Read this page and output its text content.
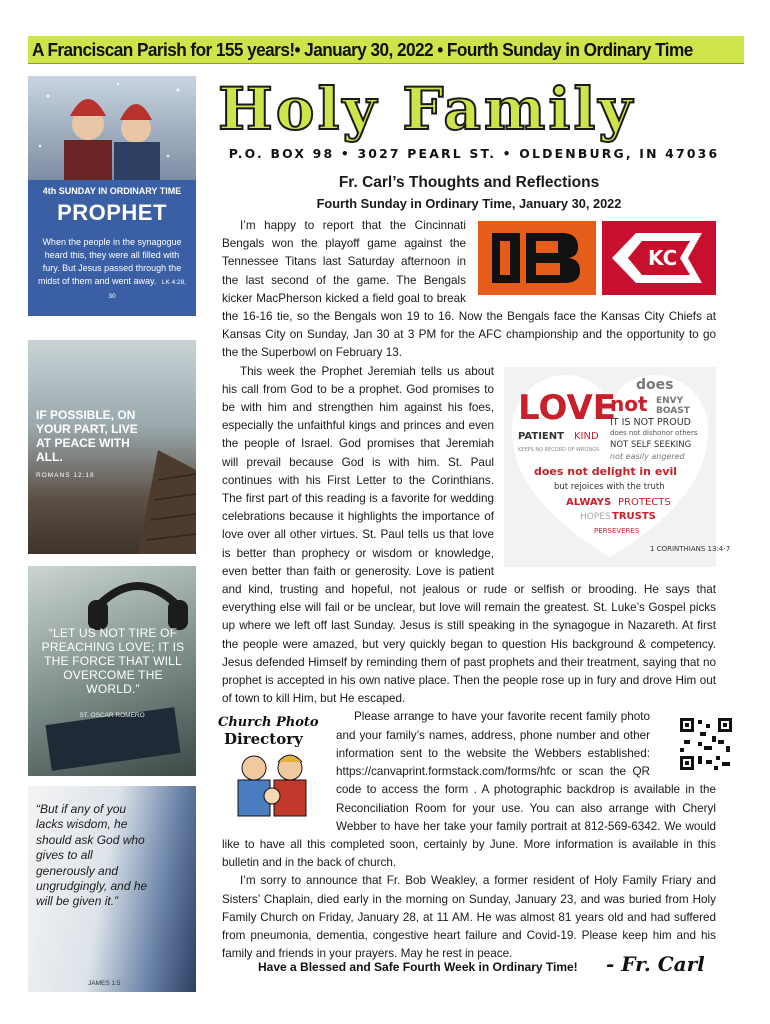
A Franciscan Parish for 155 years!• January 30, 2022 • Fourth Sunday in Ordinary Time
Holy Family
P.O. BOX 98 • 3027 PEARL ST. • OLDENBURG, IN 47036
4th SUNDAY IN ORDINARY TIME
PROPHET
When the people in the synagogue heard this, they were all filled with fury. But Jesus passed through the midst of them and went away. LK 4:28, 30
IF POSSIBLE, ON YOUR PART, LIVE AT PEACE WITH ALL.
ROMANS 12:18
“LET US NOT TIRE OF PREACHING LOVE; IT IS THE FORCE THAT WILL OVERCOME THE WORLD.”
ST. OSCAR ROMERO
“But if any of you lacks wisdom, he should ask God who gives to all generously and ungrudgingly, and he will be given it.”
JAMES 1:5
Fr. Carl’s Thoughts and Reflections
Fourth Sunday in Ordinary Time, January 30, 2022
KC
I’m happy to report that the Cincinnati Bengals won the playoff game against the Tennessee Titans last Saturday afternoon in the last second of the game. The Bengals kicker MacPherson kicked a field goal to break the 16-16 tie, so the Bengals won 19 to 16. Now the Bengals face the Kansas City Chiefs at Kansas City on Sunday, Jan 30 at 3 PM for the AFC championship and the opportunity to go the the Superbowl on February 13.
LOVE
does
not ENVY
BOAST
IT IS NOT PROUD
does not dishonor others
PATIENT KIND
NOT SELF SEEKING
KEEPS NO RECORD OF WRONGS
not easily angered
does not delight in evil
but rejoices with the truth
ALWAYS PROTECTS
HOPES TRUSTS
PERSEVERES
1 CORINTHIANS 13:4-7
This week the Prophet Jeremiah tells us about his call from God to be a prophet. God promises to be with him and strengthen him against his foes, especially the unfaithful kings and princes and even the people of Israel. God promises that Jeremiah will prevail because God is with him. St. Paul continues with his First Letter to the Corinthians. The first part of this reading is a favorite for wedding celebrations because it highlights the importance of love over all other virtues. St. Paul tells us that love is better than prophecy or wisdom or knowledge, even better than faith or generosity. Love is patient and kind, trusting and hopeful, not jealous or rude or selfish or brooding. He says that everything else will fail or be unclear, but love will remain the greatest. St. Luke’s Gospel picks up where we left off last Sunday. Jesus is still speaking in the synagogue in Nazareth. At first the people were amazed, but very quickly began to question His background & competency. Jesus defended Himself by reminding them of past prophets and their treatment, saying that no prophet is accepted in his own native place. Then the people rose up in fury and drove Him out of town to kill Him, but He escaped.
Church Photo
Directory
Please arrange to have your favorite recent family photo and your family’s names, address, phone number and other information sent to the website the Webbers established: https://canvaprint.formstack.com/forms/hfc or scan the QR code to access the form . A photographic backdrop is available in the Reconciliation Room for your use. You can also arrange with Cheryl Webber to have her take your family portrait at 812-569-6342. We would like to have all this completed soon, certainly by June. More information is available in this bulletin and in the back of church.
I’m sorry to announce that Fr. Bob Weakley, a former resident of Holy Family Friary and Sisters’ Chaplain, died early in the morning on Sunday, January 23, and was buried from Holy Family Church on Friday, January 28, at 11 AM. He was almost 81 years old and had suffered from pneumonia, dementia, congestive heart failure and Covid-19. Please keep him and his family and friends in your prayers. May he rest in peace.
Have a Blessed and Safe Fourth Week in Ordinary Time! - Fr. Carl
